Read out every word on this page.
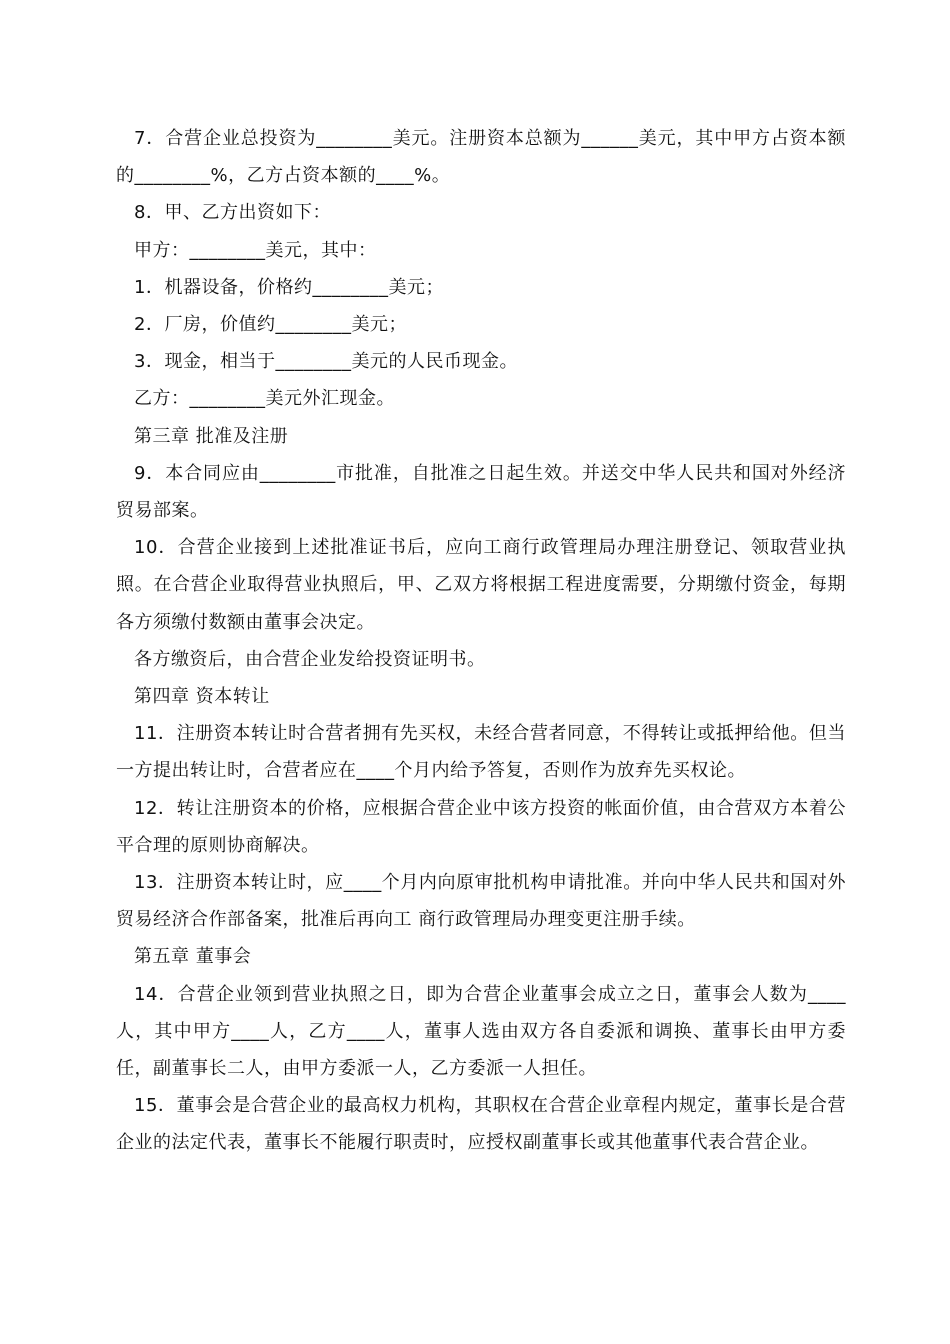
7．合营企业总投资为________美元。注册资本总额为______美元，其中甲方占资本额的________%，乙方占资本额的____%。

8．甲、乙方出资如下：

甲方：________美元，其中：

1．机器设备，价格约________美元；

2．厂房，价值约________美元；

3．现金，相当于________美元的人民币现金。

乙方：________美元外汇现金。

第三章 批准及注册

9．本合同应由________市批准，自批准之日起生效。并送交中华人民共和国对外经济贸易部案。

10．合营企业接到上述批准证书后，应向工商行政管理局办理注册登记、领取营业执照。在合营企业取得营业执照后，甲、乙双方将根据工程进度需要，分期缴付资金，每期各方须缴付数额由董事会决定。

各方缴资后，由合营企业发给投资证明书。

第四章 资本转让

11．注册资本转让时合营者拥有先买权，未经合营者同意，不得转让或抵押给他。但当一方提出转让时，合营者应在____个月内给予答复，否则作为放弃先买权论。

12．转让注册资本的价格，应根据合营企业中该方投资的帐面价值，由合营双方本着公平合理的原则协商解决。

13．注册资本转让时，应____个月内向原审批机构申请批准。并向中华人民共和国对外贸易经济合作部备案，批准后再向工 商行政管理局办理变更注册手续。

第五章 董事会

14．合营企业领到营业执照之日，即为合营企业董事会成立之日，董事会人数为____人，其中甲方____人，乙方____人，董事人选由双方各自委派和调换、董事长由甲方委任，副董事长二人，由甲方委派一人，乙方委派一人担任。

15．董事会是合营企业的最高权力机构，其职权在合营企业章程内规定，董事长是合营企业的法定代表，董事长不能履行职责时，应授权副董事长或其他董事代表合营企业。
